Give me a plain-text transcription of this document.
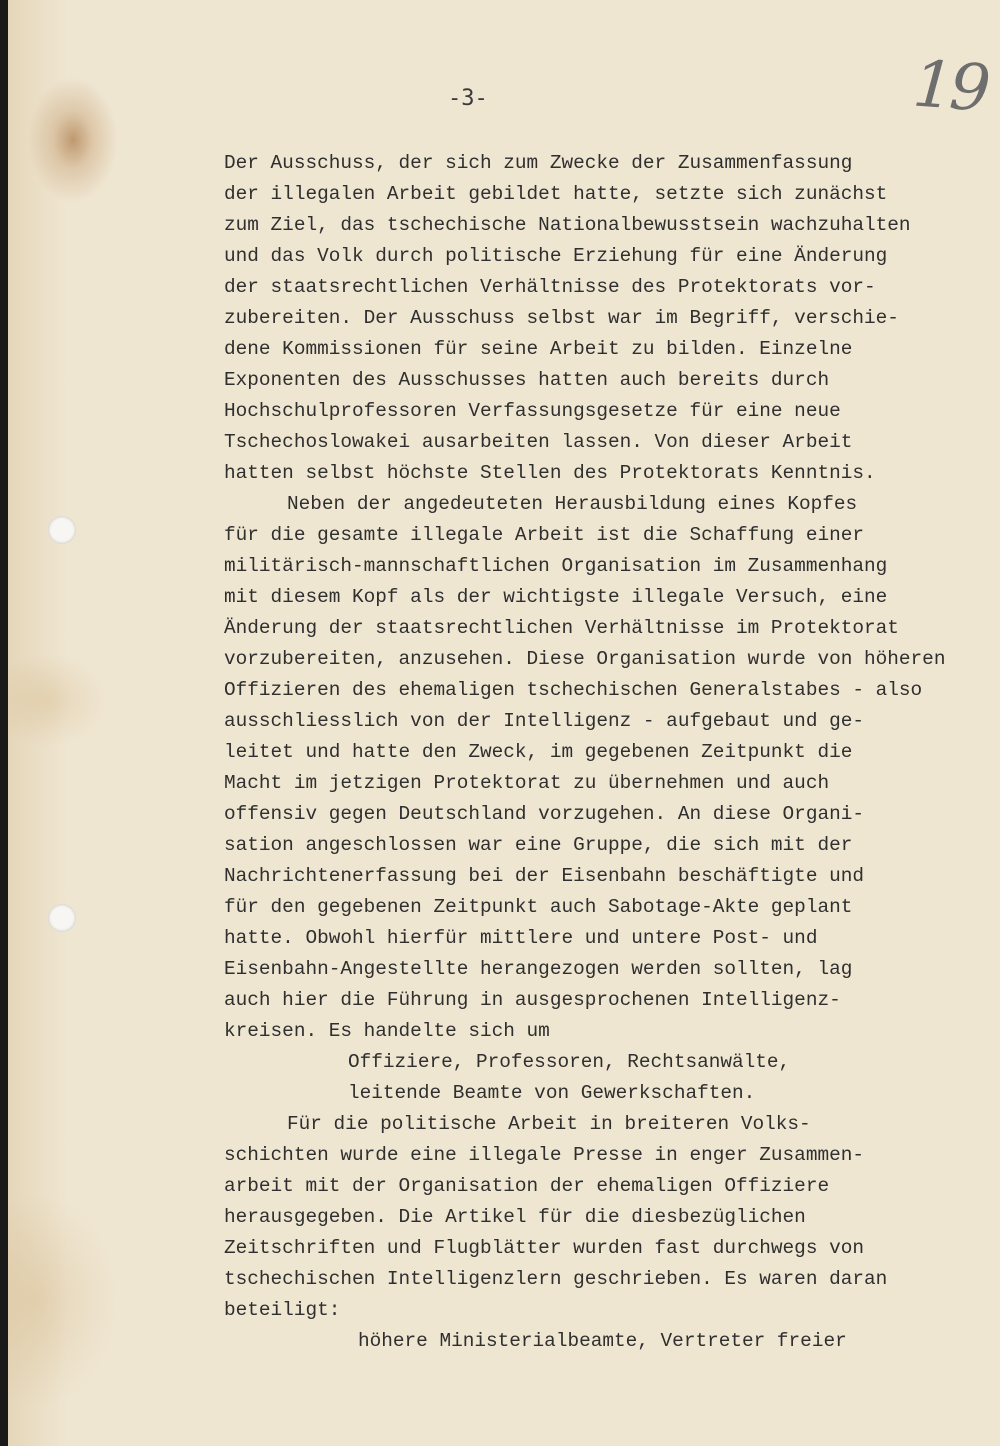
-3-	19
Der Ausschuss, der sich zum Zwecke der Zusammenfassung
der illegalen Arbeit gebildet hatte, setzte sich zunächst
zum Ziel, das tschechische Nationalbewusstsein wachzuhalten
und das Volk durch politische Erziehung für eine Änderung
der staatsrechtlichen Verhältnisse des Protektorats vor-
zubereiten. Der Ausschuss selbst war im Begriff, verschie-
dene Kommissionen für seine Arbeit zu bilden. Einzelne
Exponenten des Ausschusses hatten auch bereits durch
Hochschulprofessoren Verfassungsgesetze für eine neue
Tschechoslowakei ausarbeiten lassen. Von dieser Arbeit
hatten selbst höchste Stellen des Protektorats Kenntnis.
Neben der angedeuteten Herausbildung eines Kopfes
für die gesamte illegale Arbeit ist die Schaffung einer
militärisch-mannschaftlichen Organisation im Zusammenhang
mit diesem Kopf als der wichtigste illegale Versuch, eine
Änderung der staatsrechtlichen Verhältnisse im Protektorat
vorzubereiten, anzusehen. Diese Organisation wurde von höheren
Offizieren des ehemaligen tschechischen Generalstabes - also
ausschliesslich von der Intelligenz - aufgebaut und ge-
leitet und hatte den Zweck, im gegebenen Zeitpunkt die
Macht im jetzigen Protektorat zu übernehmen und auch
offensiv gegen Deutschland vorzugehen. An diese Organi-
sation angeschlossen war eine Gruppe, die sich mit der
Nachrichtenerfassung bei der Eisenbahn beschäftigte und
für den gegebenen Zeitpunkt auch Sabotage-Akte geplant
hatte. Obwohl hierfür mittlere und untere Post- und
Eisenbahn-Angestellte herangezogen werden sollten, lag
auch hier die Führung in ausgesprochenen Intelligenz-
kreisen. Es handelte sich um
Offiziere, Professoren, Rechtsanwälte,
leitende Beamte von Gewerkschaften.
Für die politische Arbeit in breiteren Volks-
schichten wurde eine illegale Presse in enger Zusammen-
arbeit mit der Organisation der ehemaligen Offiziere
herausgegeben. Die Artikel für die diesbezüglichen
Zeitschriften und Flugblätter wurden fast durchwegs von
tschechischen Intelligenzlern geschrieben. Es waren daran
beteiligt:
höhere Ministerialbeamte, Vertreter freier
